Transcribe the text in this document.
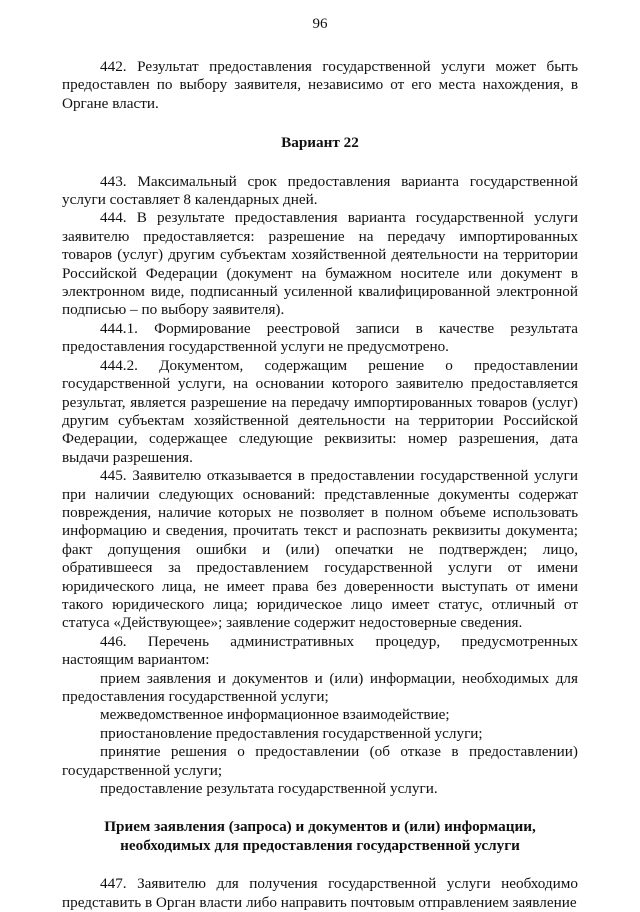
96

442. Результат предоставления государственной услуги может быть предоставлен по выбору заявителя, независимо от его места нахождения, в Органе власти.

Вариант 22

443. Максимальный срок предоставления варианта государственной услуги составляет 8 календарных дней.

444. В результате предоставления варианта государственной услуги заявителю предоставляется: разрешение на передачу импортированных товаров (услуг) другим субъектам хозяйственной деятельности на территории Российской Федерации (документ на бумажном носителе или документ в электронном виде, подписанный усиленной квалифицированной электронной подписью – по выбору заявителя).

444.1. Формирование реестровой записи в качестве результата предоставления государственной услуги не предусмотрено.

444.2. Документом, содержащим решение о предоставлении государственной услуги, на основании которого заявителю предоставляется результат, является разрешение на передачу импортированных товаров (услуг) другим субъектам хозяйственной деятельности на территории Российской Федерации, содержащее следующие реквизиты: номер разрешения, дата выдачи разрешения.

445. Заявителю отказывается в предоставлении государственной услуги при наличии следующих оснований: представленные документы содержат повреждения, наличие которых не позволяет в полном объеме использовать информацию и сведения, прочитать текст и распознать реквизиты документа; факт допущения ошибки и (или) опечатки не подтвержден; лицо, обратившееся за предоставлением государственной услуги от имени юридического лица, не имеет права без доверенности выступать от имени такого юридического лица; юридическое лицо имеет статус, отличный от статуса «Действующее»; заявление содержит недостоверные сведения.

446. Перечень административных процедур, предусмотренных настоящим вариантом:

прием заявления и документов и (или) информации, необходимых для предоставления государственной услуги;

межведомственное информационное взаимодействие;

приостановление предоставления государственной услуги;

принятие решения о предоставлении (об отказе в предоставлении) государственной услуги;

предоставление результата государственной услуги.

Прием заявления (запроса) и документов и (или) информации,
необходимых для предоставления государственной услуги

447. Заявителю для получения государственной услуги необходимо представить в Орган власти либо направить почтовым отправлением заявление
